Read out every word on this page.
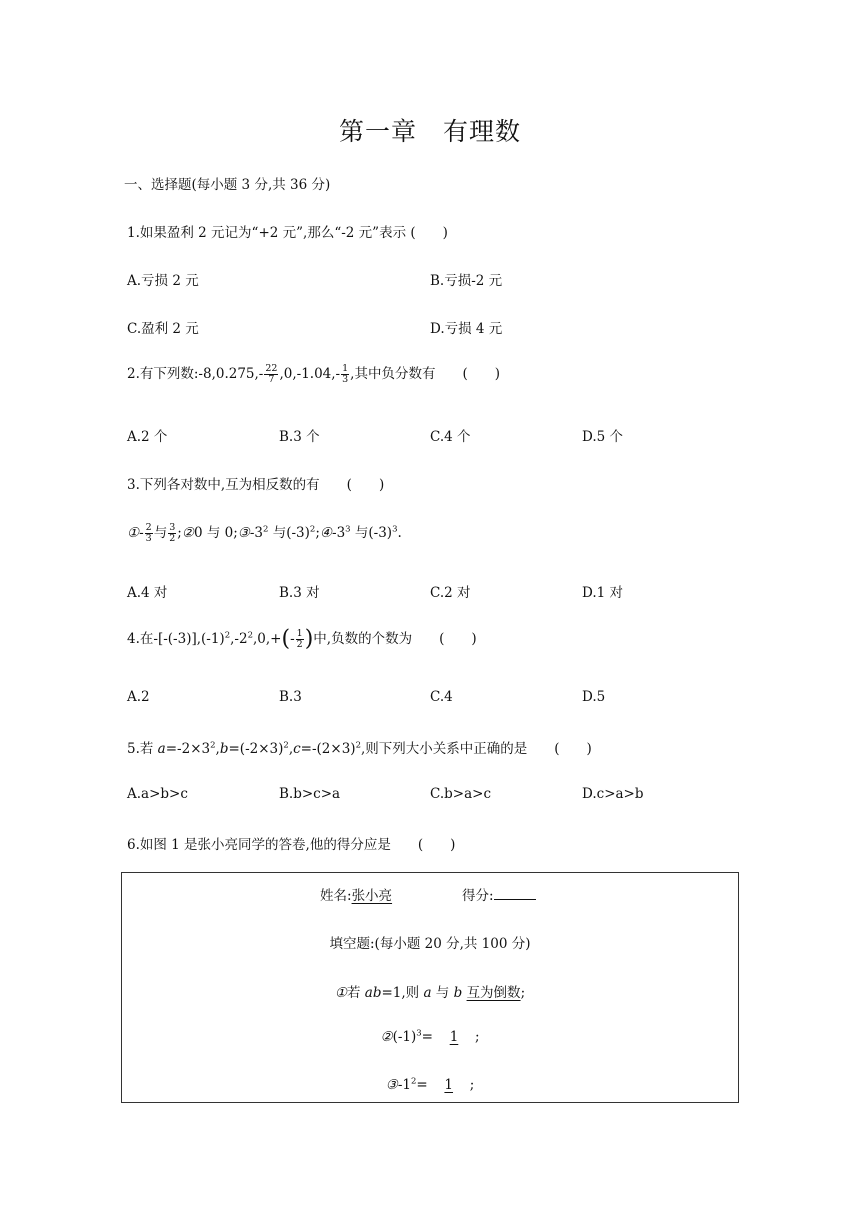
第一章 有理数
一、选择题(每小题 3 分,共 36 分)
1.如果盈利 2 元记为“+2 元”,那么“-2 元”表示 (　　)
A.亏损 2 元	B.亏损-2 元
C.盈利 2 元	D.亏损 4 元
2.有下列数:-8,0.275,- $\frac{22}{7} ,0,-1.04,- \frac{1}{3}$ ,其中负分数有　　(　　)
A.2 个	B.3 个	C.4 个	D.5 个
3.下列各对数中,互为相反数的有　　(　　)
①- $\frac{2}{3}$ 与 $\frac{3}{2}$ ;②0 与 $0;③-3^2$ 与$(-3)^2;④-3^3$ 与$(-3)^3$.
A.4 对	B.3 对	C.2 对	D.1 对
4.在$-[-(-3)],(-1)^2,-2^2,0,+(- \frac{1}{2}$ )中,负数的个数为　　(　　)
A.2	B.3	C.4	D.5
5.若 $a=-2\times 3^2,b=(-2\times 3)^2,c=-(2\times 3)^2$,则下列大小关系中正确的是　　(　　)
A.a>b>c	B.b>c>a	C.b>a>c	D.c>a>b
6.如图 1 是张小亮同学的答卷,他的得分应是　　(　　)
姓名:张小亮	得分:
填空题:(每小题 20 分,共 100 分)
①若 ab=1,则 a 与 b 互为倒数;
$②(-1)^3= 1$ ;
$③-1^2= 1$ ;
